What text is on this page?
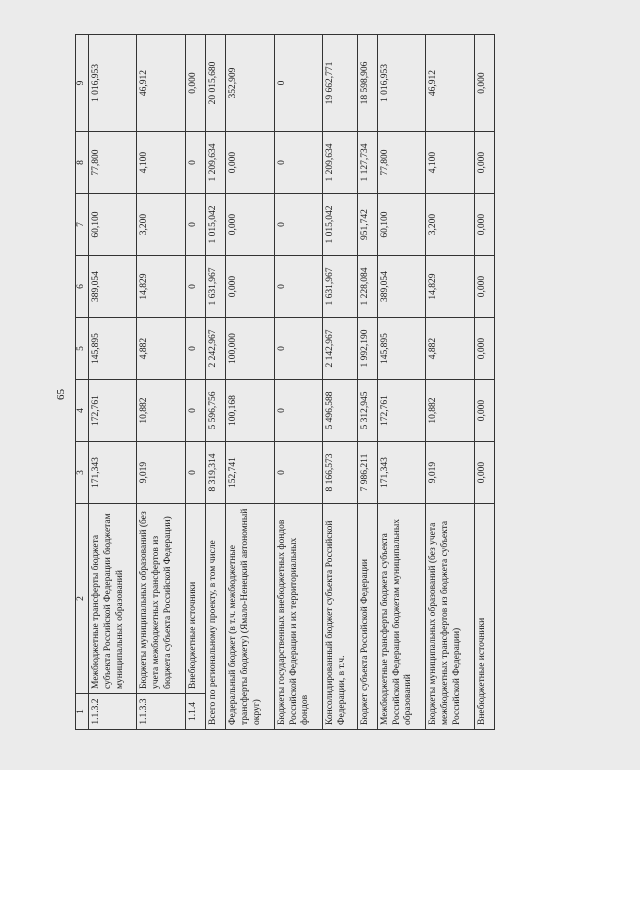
65
1	2	3	4	5	6	7	8	9
1.1.3.2	Межбюджетные трансферты бюджета субъекта Российской Федерации бюджетам муниципальных образований	171,343	172,761	145,895	389,054	60,100	77,800	1 016,953
1.1.3.3	Бюджеты муниципальных образований (без учета межбюджетных трансфертов из бюджета субъекта Российской Федерации)	9,019	10,882	4,882	14,829	3,200	4,100	46,912
1.1.4	Внебюджетные источники	0	0	0	0	0	0	0,000
Всего по региональному проекту, в том числе		8 319,314	5 596,756	2 242,967	1 631,967	1 015,042	1 209,634	20 015,680
Федеральный бюджет (в т.ч. межбюджетные трансферты бюджету) (Ямало-Ненецкий автономный округ)		152,741	100,168	100,000	0,000	0,000	0,000	352,909
Бюджеты государственных внебюджетных фондов Российской Федерации и их территориальных фондов		0	0	0	0	0	0	0
Консолидированный бюджет субъекта Российской Федерации, в т.ч.		8 166,573	5 496,588	2 142,967	1 631,967	1 015,042	1 209,634	19 662,771
Бюджет субъекта Российской Федерации		7 986,211	5 312,945	1 992,190	1 228,084	951,742	1 127,734	18 598,906
Межбюджетные трансферты бюджета субъекта Российской Федерации бюджетам муниципальных образований		171,343	172,761	145,895	389,054	60,100	77,800	1 016,953
Бюджеты муниципальных образований (без учета межбюджетных трансфертов из бюджета субъекта Российской Федерации)		9,019	10,882	4,882	14,829	3,200	4,100	46,912
Внебюджетные источники		0,000	0,000	0,000	0,000	0,000	0,000	0,000
